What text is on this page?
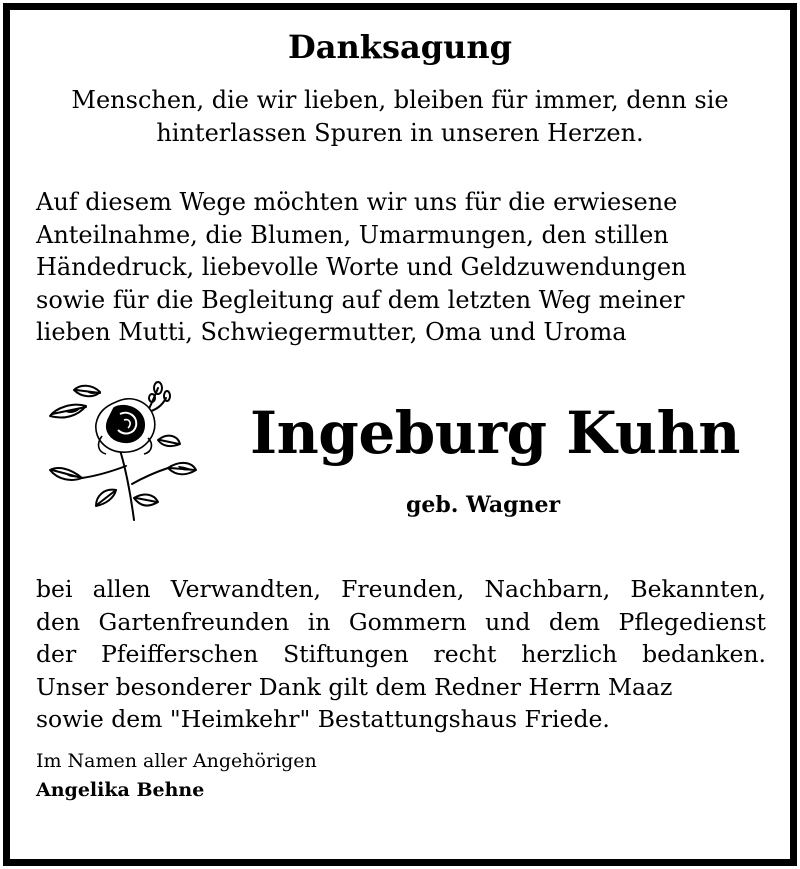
Danksagung

Menschen, die wir lieben, bleiben für immer, denn sie
hinterlassen Spuren in unseren Herzen.

Auf diesem Wege möchten wir uns für die erwiesene
Anteilnahme, die Blumen, Umarmungen, den stillen
Händedruck, liebevolle Worte und Geldzuwendungen
sowie für die Begleitung auf dem letzten Weg meiner
lieben Mutti, Schwiegermutter, Oma und Uroma

Ingeburg Kuhn

geb. Wagner

bei allen Verwandten, Freunden, Nachbarn, Bekannten,
den Gartenfreunden in Gommern und dem Pflegedienst
der Pfeifferschen Stiftungen recht herzlich bedanken.
Unser besonderer Dank gilt dem Redner Herrn Maaz
sowie dem "Heimkehr" Bestattungshaus Friede.

Im Namen aller Angehörigen
Angelika Behne
